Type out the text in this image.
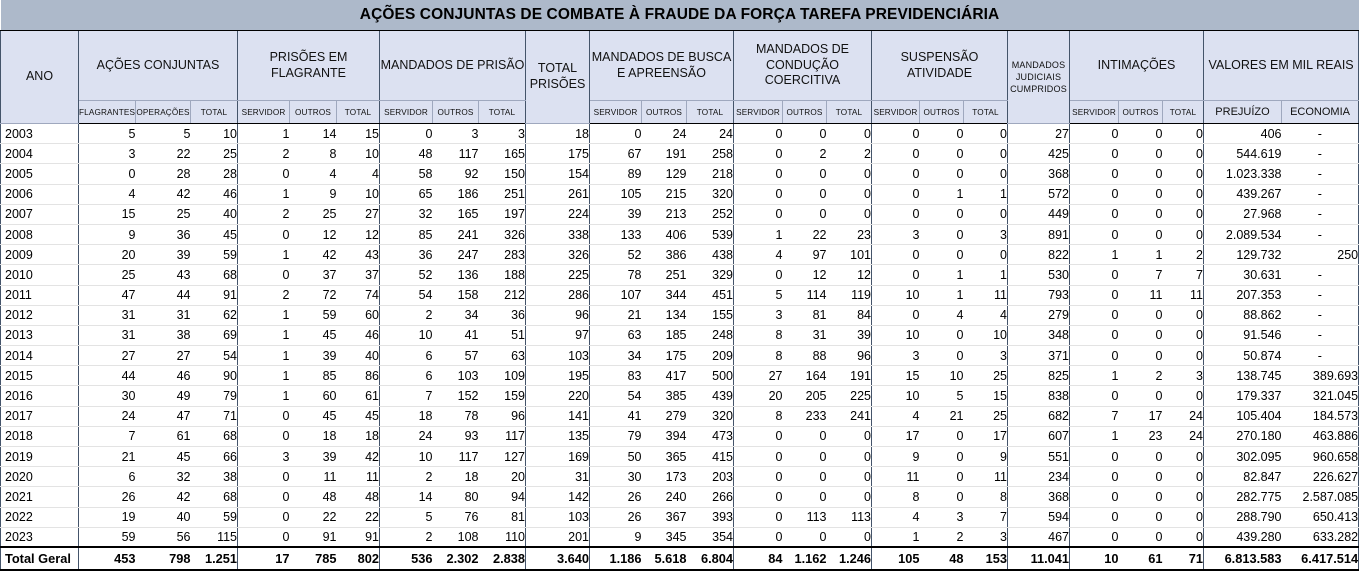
AÇÕES CONJUNTAS DE COMBATE À FRAUDE DA FORÇA TAREFA PREVIDENCIÁRIA																									
ANO	AÇÕES CONJUNTAS			PRISÕES EM FLAGRANTE			MANDADOS DE PRISÃO			TOTAL PRISÕES	MANDADOS DE BUSCA E APREENSÃO			MANDADOS DE CONDUÇÃO COERCITIVA			SUSPENSÃO ATIVIDADE			MANDADOS JUDICIAIS CUMPRIDOS	INTIMAÇÕES			VALORES EM MIL REAIS	
	FLAGRANTES	OPERAÇÕES	TOTAL	SERVIDOR	OUTROS	TOTAL	SERVIDOR	OUTROS	TOTAL		SERVIDOR	OUTROS	TOTAL	SERVIDOR	OUTROS	TOTAL	SERVIDOR	OUTROS	TOTAL		SERVIDOR	OUTROS	TOTAL	PREJUÍZO	ECONOMIA
2003	5	5	10	1	14	15	0	3	3	18	0	24	24	0	0	0	0	0	0	27	0	0	0	406	-
2004	3	22	25	2	8	10	48	117	165	175	67	191	258	0	2	2	0	0	0	425	0	0	0	544.619	-
2005	0	28	28	0	4	4	58	92	150	154	89	129	218	0	0	0	0	0	0	368	0	0	0	1.023.338	-
2006	4	42	46	1	9	10	65	186	251	261	105	215	320	0	0	0	0	1	1	572	0	0	0	439.267	-
2007	15	25	40	2	25	27	32	165	197	224	39	213	252	0	0	0	0	0	0	449	0	0	0	27.968	-
2008	9	36	45	0	12	12	85	241	326	338	133	406	539	1	22	23	3	0	3	891	0	0	0	2.089.534	-
2009	20	39	59	1	42	43	36	247	283	326	52	386	438	4	97	101	0	0	0	822	1	1	2	129.732	250
2010	25	43	68	0	37	37	52	136	188	225	78	251	329	0	12	12	0	1	1	530	0	7	7	30.631	-
2011	47	44	91	2	72	74	54	158	212	286	107	344	451	5	114	119	10	1	11	793	0	11	11	207.353	-
2012	31	31	62	1	59	60	2	34	36	96	21	134	155	3	81	84	0	4	4	279	0	0	0	88.862	-
2013	31	38	69	1	45	46	10	41	51	97	63	185	248	8	31	39	10	0	10	348	0	0	0	91.546	-
2014	27	27	54	1	39	40	6	57	63	103	34	175	209	8	88	96	3	0	3	371	0	0	0	50.874	-
2015	44	46	90	1	85	86	6	103	109	195	83	417	500	27	164	191	15	10	25	825	1	2	3	138.745	389.693
2016	30	49	79	1	60	61	7	152	159	220	54	385	439	20	205	225	10	5	15	838	0	0	0	179.337	321.045
2017	24	47	71	0	45	45	18	78	96	141	41	279	320	8	233	241	4	21	25	682	7	17	24	105.404	184.573
2018	7	61	68	0	18	18	24	93	117	135	79	394	473	0	0	0	17	0	17	607	1	23	24	270.180	463.886
2019	21	45	66	3	39	42	10	117	127	169	50	365	415	0	0	0	9	0	9	551	0	0	0	302.095	960.658
2020	6	32	38	0	11	11	2	18	20	31	30	173	203	0	0	0	11	0	11	234	0	0	0	82.847	226.627
2021	26	42	68	0	48	48	14	80	94	142	26	240	266	0	0	0	8	0	8	368	0	0	0	282.775	2.587.085
2022	19	40	59	0	22	22	5	76	81	103	26	367	393	0	113	113	4	3	7	594	0	0	0	288.790	650.413
2023	59	56	115	0	91	91	2	108	110	201	9	345	354	0	0	0	1	2	3	467	0	0	0	439.280	633.282
Total Geral	453	798	1.251	17	785	802	536	2.302	2.838	3.640	1.186	5.618	6.804	84	1.162	1.246	105	48	153	11.041	10	61	71	6.813.583	6.417.514
